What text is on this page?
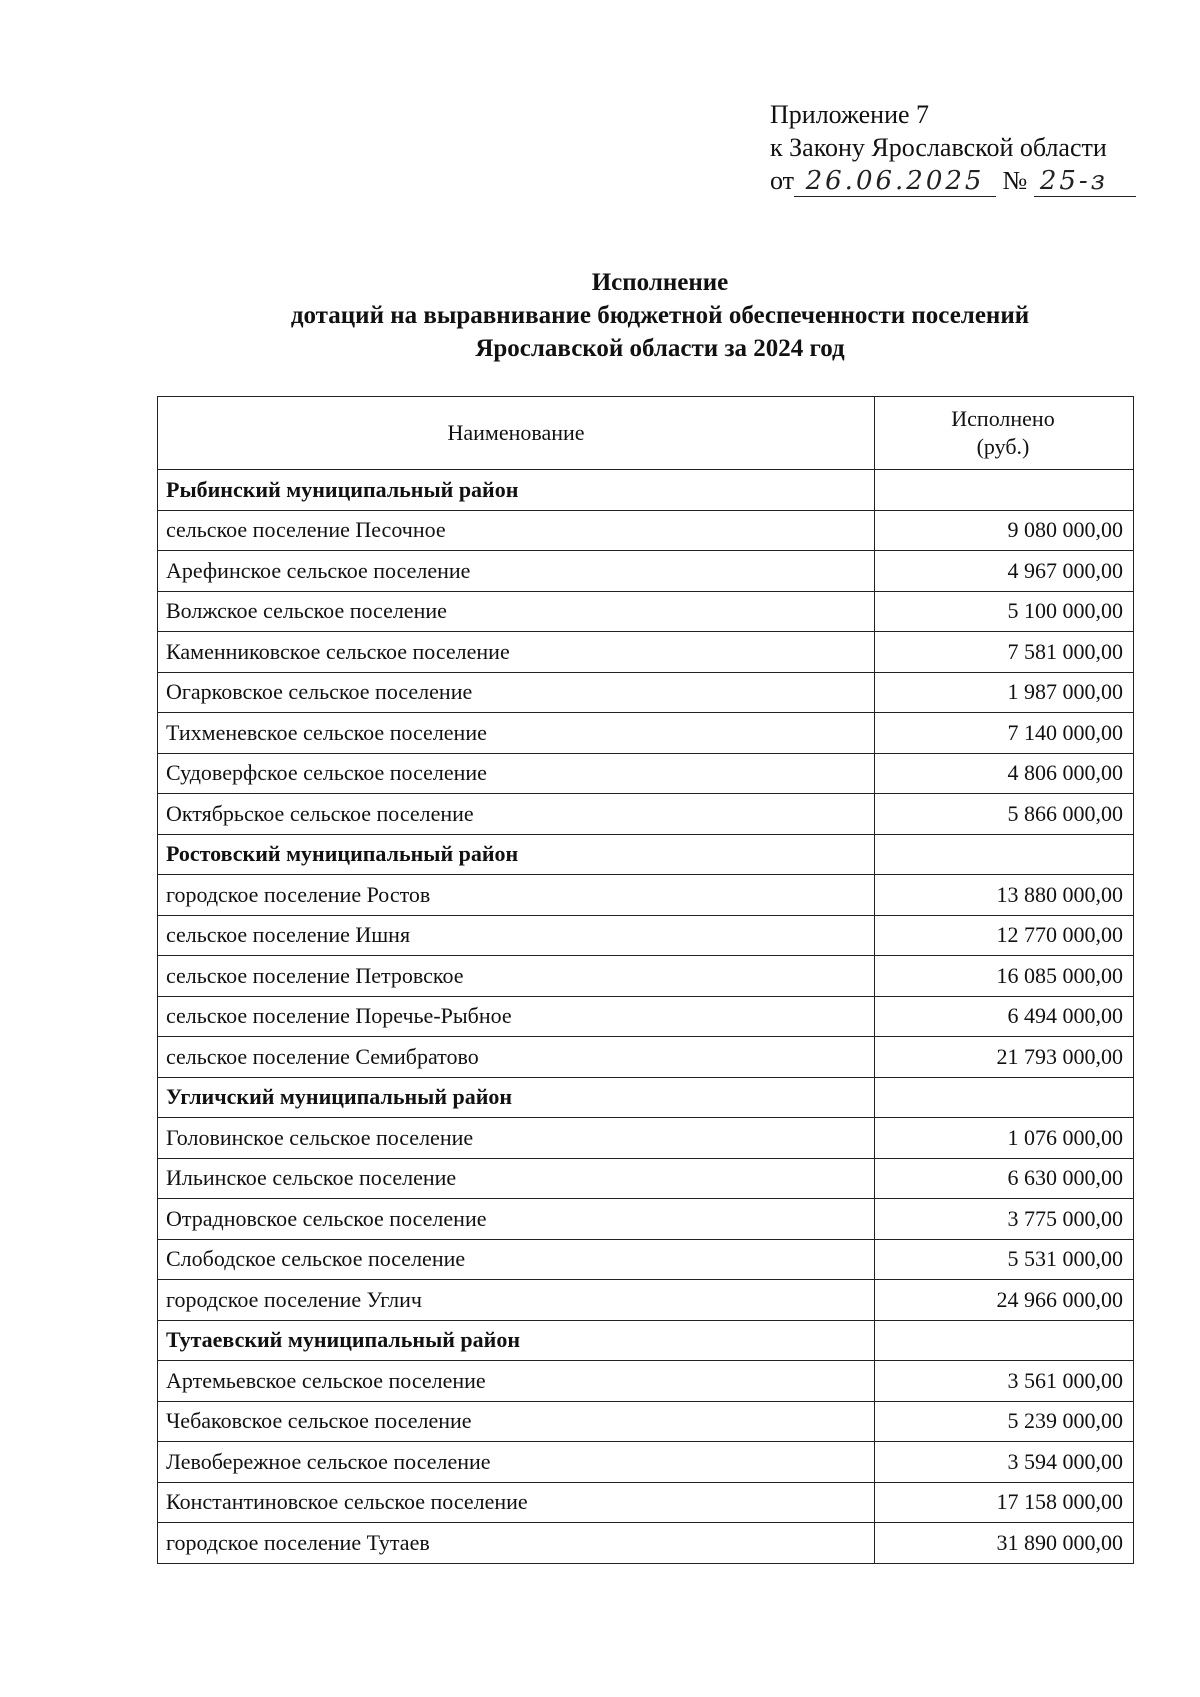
Приложение 7
к Закону Ярославской области
от 26.06.2025 № 25-з
Исполнение
дотаций на выравнивание бюджетной обеспеченности поселений
Ярославской области за 2024 год
Наименование	Исполнено
(руб.)

Рыбинский муниципальный район	
сельское поселение Песочное	9 080 000,00
Арефинское сельское поселение	4 967 000,00
Волжское сельское поселение	5 100 000,00
Каменниковское сельское поселение	7 581 000,00
Огарковское сельское поселение	1 987 000,00
Тихменевское сельское поселение	7 140 000,00
Судоверфское сельское поселение	4 806 000,00
Октябрьское сельское поселение	5 866 000,00
Ростовский муниципальный район	
городское поселение Ростов	13 880 000,00
сельское поселение Ишня	12 770 000,00
сельское поселение Петровское	16 085 000,00
сельское поселение Поречье-Рыбное	6 494 000,00
сельское поселение Семибратово	21 793 000,00
Угличский муниципальный район	
Головинское сельское поселение	1 076 000,00
Ильинское сельское поселение	6 630 000,00
Отрадновское сельское поселение	3 775 000,00
Слободское сельское поселение	5 531 000,00
городское поселение Углич	24 966 000,00
Тутаевский муниципальный район	
Артемьевское сельское поселение	3 561 000,00
Чебаковское сельское поселение	5 239 000,00
Левобережное сельское поселение	3 594 000,00
Константиновское сельское поселение	17 158 000,00
городское поселение Тутаев	31 890 000,00
